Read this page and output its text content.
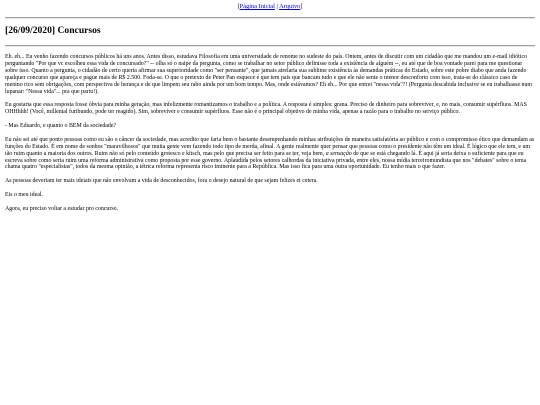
[Página Inicial | Arquivo]
[26/09/2020] Concursos

Eh. eh... Eu venho fazendo concursos públicos há uns anos. Antes disso, estudava Filosofia em uma universidade de renome no sudeste do país. Ontem, antes de discutir com um cidadão que me mandou um e-mail idiótico perguntando "Por que vc escolheu essa vida de concursado?" -- olha só o naipe da pergunta, como se trabalhar no setor público definisse toda a existência de alguém --, eu até que de boa vontade parei para me questionar sobre isso. Quanto a pergunta, o cidadão de certo queria afirmar sua superioridade como "ser pensante", que jamais atrelaria sua sublime existência às demandas práticas do Estado, sobre este pobre diabo que anda fazendo qualquer concurso que apareça e pague mais de R$ 2.500. Foda-se. O que o pretexto de Peter Pan esquece é que tem pais que bancam tudo e que ele não sente o menor desconforto com isso, trata-se do clássico caso de menino rico sem obrigações, com perspectiva de herança e de que limpem seu rabo ainda por um bom tempo. Mas, onde estávamos? Eh eh... Por que entrei "nessa vida"?! (Pergunta descabida inclusive se eu trabalhasse num lupanar: "Nessa vida"... pra que pariu!).

Eu gostaria que essa resposta fosse óbvia para minha geração, mas infelizmente romantizamos o trabalho e a política. A resposta é simples: grana. Preciso de dinheiro para sobreviver, e, no mais, consumir supérfluos. MAS OHHhhh! (Você, millenial furibundo, pode ter reagido). Sim, sobreviver e consumir supérfluos. Esse não é o principal objetivo de minha vida, apenas a razão para o trabalho no serviço público.

- Mas Eduardo, e quanto o BEM da sociedade?

Eu não sei até que ponto pessoas como eu são o câncer da sociedade, mas acredito que faria bem o bastante desempenhando minhas atribuições de maneira satisfatória ao público e com o compromisso ético que demandam as funções do Estado. É em nome de sonhos "maravilhosos" que muita gente vem fazendo todo tipo de merda, afinal. A gente realmente quer pensar que pessoas como o presidente não têm um ideal. É lógico que ele tem, e um tão ruim quanto a maioria dos outros. Ruim não só pelo conteúdo grotesco e kitsch, mas pelo que precisa ser feito para se ter, veja bem, a sensação de que se está chegando lá. É aqui já seria deixa o suficiente para que eu escreva sobre como seria ruim uma reforma administrativa como proposta por esse governo. Aplaudida pelos setores calhordas da iniciativa privada, entre eles, nossa mídia terceiromundista que nos "debates" sobre o tema chama quatro "especialistas", todos da mesma opinião, a tétrica reforma representa risco iminente para a República. Mas isso fica para uma outra oportunidade. Eu tenho mais o que fazer.

As pessoas deveriam ter mais ideiais que não envolvam a vida de desconhecidos, fora o desejo natural de que sejam felizes et cetera.

Eis o meu ideal.

Agora, eu preciso voltar a estudar pro concurso.
